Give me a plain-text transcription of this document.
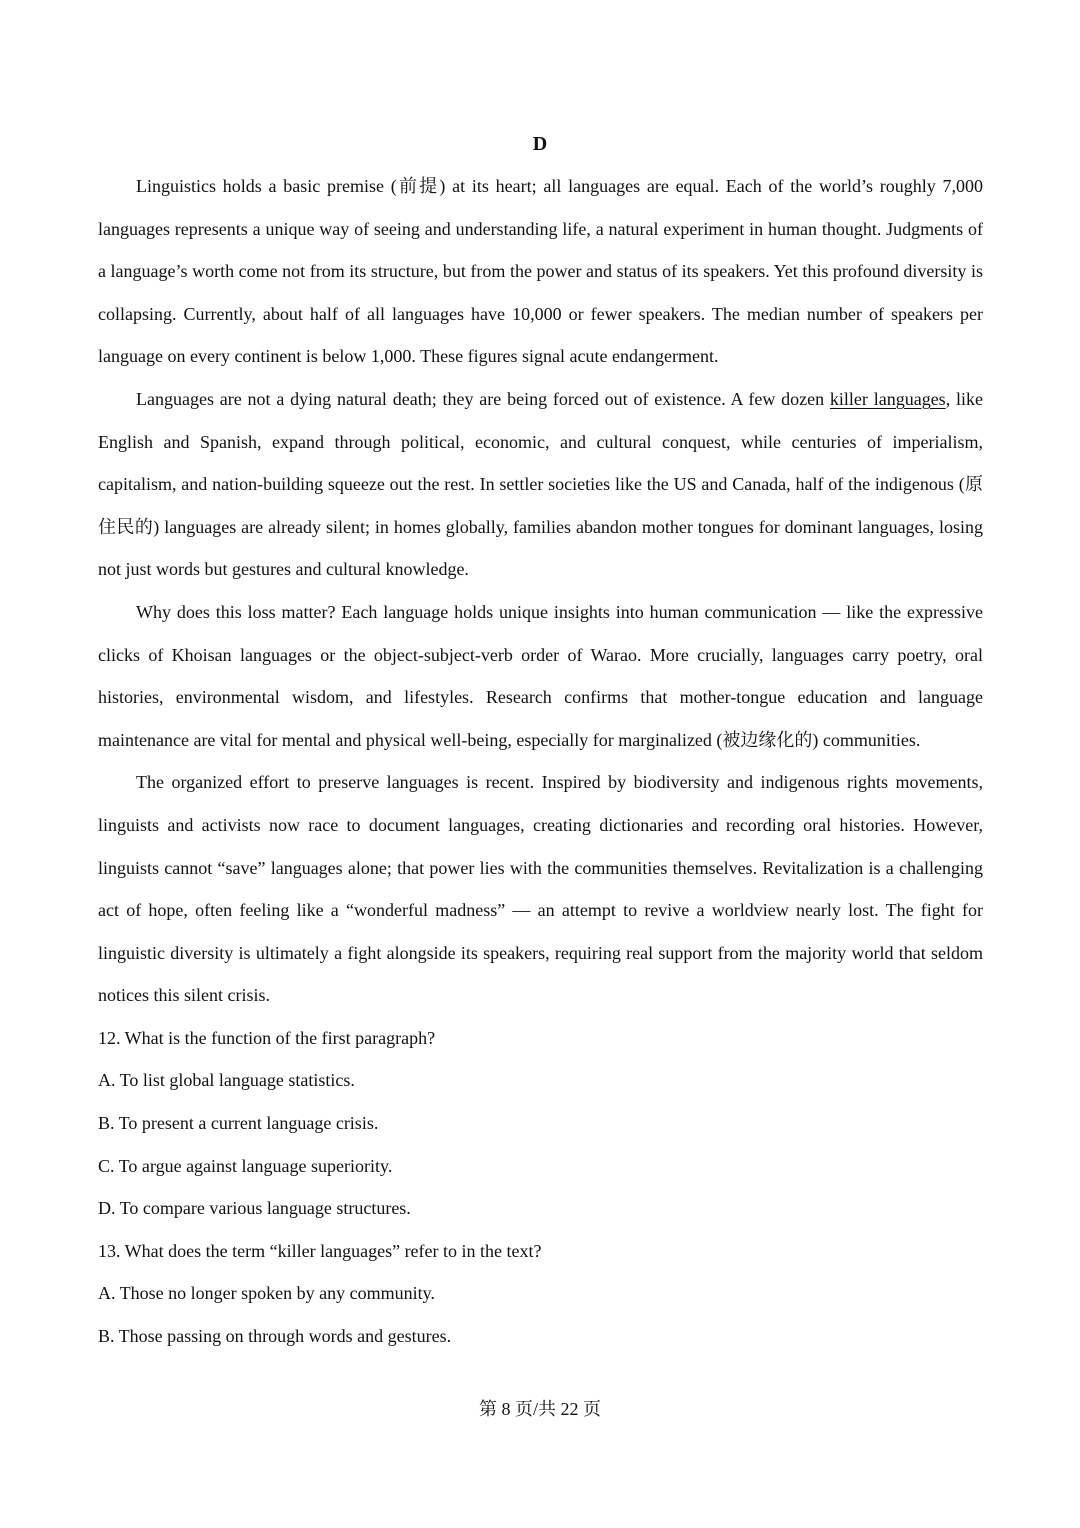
D

Linguistics holds a basic premise (前提) at its heart; all languages are equal. Each of the world’s roughly 7,000 languages represents a unique way of seeing and understanding life, a natural experiment in human thought. Judgments of a language’s worth come not from its structure, but from the power and status of its speakers. Yet this profound diversity is collapsing. Currently, about half of all languages have 10,000 or fewer speakers. The median number of speakers per language on every continent is below 1,000. These figures signal acute endangerment.

Languages are not a dying natural death; they are being forced out of existence. A few dozen killer languages, like English and Spanish, expand through political, economic, and cultural conquest, while centuries of imperialism, capitalism, and nation-building squeeze out the rest. In settler societies like the US and Canada, half of the indigenous (原住民的) languages are already silent; in homes globally, families abandon mother tongues for dominant languages, losing not just words but gestures and cultural knowledge.

Why does this loss matter? Each language holds unique insights into human communication — like the expressive clicks of Khoisan languages or the object-subject-verb order of Warao. More crucially, languages carry poetry, oral histories, environmental wisdom, and lifestyles. Research confirms that mother-tongue education and language maintenance are vital for mental and physical well-being, especially for marginalized (被边缘化的) communities.

The organized effort to preserve languages is recent. Inspired by biodiversity and indigenous rights movements, linguists and activists now race to document languages, creating dictionaries and recording oral histories. However, linguists cannot “save” languages alone; that power lies with the communities themselves. Revitalization is a challenging act of hope, often feeling like a “wonderful madness” — an attempt to revive a worldview nearly lost. The fight for linguistic diversity is ultimately a fight alongside its speakers, requiring real support from the majority world that seldom notices this silent crisis.

12. What is the function of the first paragraph?
A. To list global language statistics.
B. To present a current language crisis.
C. To argue against language superiority.
D. To compare various language structures.
13. What does the term “killer languages” refer to in the text?
A. Those no longer spoken by any community.
B. Those passing on through words and gestures.
第 8 页/共 22 页
